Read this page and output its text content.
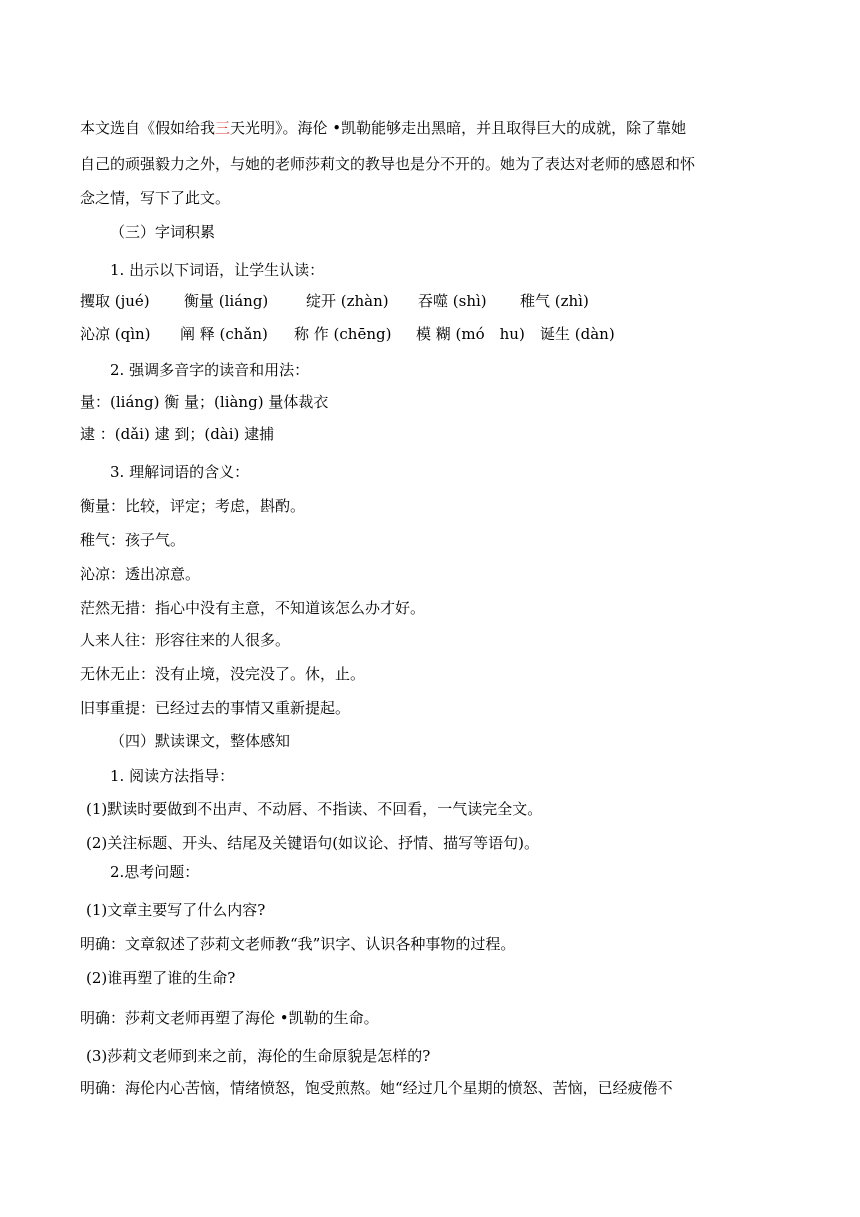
本文选自《假如给我三天光明》。海伦 •凯勒能够走出黑暗，并且取得巨大的成就，除了靠她

自己的顽强毅力之外，与她的老师莎莉文的教导也是分不开的。她为了表达对老师的感恩和怀

念之情，写下了此文。

（三）字词积累

1. 出示以下词语，让学生认读：

攫取 (jué) 衡量 (liáng)	绽开 (zhàn) 吞噬 (shì) 稚气 (zhì)
沁凉 (qìn) 阐 释 (chǎn) 称 作 (chēng) 模 糊 (mó　hu) 诞生 (dàn)

2. 强调多音字的读音和用法：

量：(liáng) 衡 量；(liàng) 量体裁衣

逮 ：(dǎi) 逮 到；(dài) 逮捕

3. 理解词语的含义：

衡量：比较，评定；考虑，斟酌。

稚气：孩子气。

沁凉：透出凉意。

茫然无措：指心中没有主意，不知道该怎么办才好。

人来人往：形容往来的人很多。

无休无止：没有止境，没完没了。休，止。

旧事重提：已经过去的事情又重新提起。

（四）默读课文，整体感知

1. 阅读方法指导：

(1)默读时要做到不出声、不动唇、不指读、不回看，一气读完全文。

(2)关注标题、开头、结尾及关键语句(如议论、抒情、描写等语句)。

2.思考问题：

(1)文章主要写了什么内容?

明确：文章叙述了莎莉文老师教“我”识字、认识各种事物的过程。

(2)谁再塑了谁的生命?

明确：莎莉文老师再塑了海伦 •凯勒的生命。

(3)莎莉文老师到来之前，海伦的生命原貌是怎样的?

明确：海伦内心苦恼，情绪愤怒，饱受煎熬。她“经过几个星期的愤怒、苦恼，已经疲倦不
